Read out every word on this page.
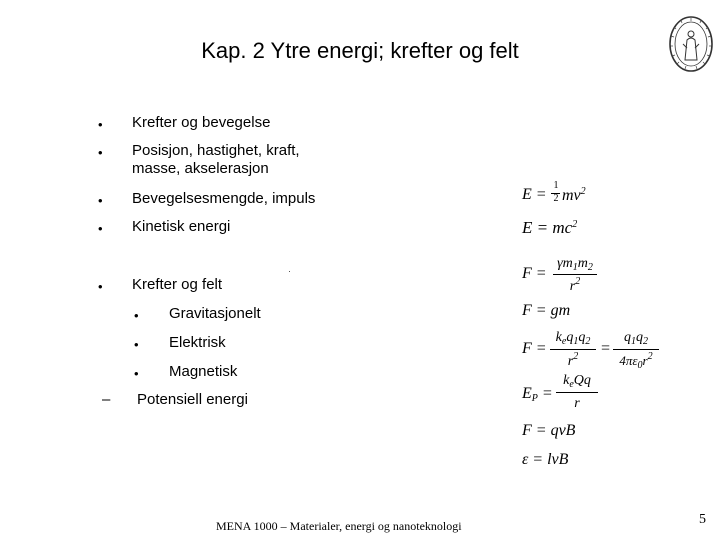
Kap. 2 Ytre energi; krefter og felt
• Krefter og bevegelse
• Posisjon, hastighet, kraft,
masse, akselerasjon
• Bevegelsesmengde, impuls
• Kinetisk energi
• Krefter og felt
• Gravitasjonelt
• Elektrisk
• Magnetisk
– Potensiell energi
E =
1
2 $mv^2$
$E = mc^2$
F =
$\gamma m_1m_2$
$r^2$
F = gm
F =
$k_eq_1q_2$
$r^2$	=
$q_1q_2$
$4\pi\varepsilon_0r^2$
$E_P$ =
$k_eQq$
r
F = qvB
ε = lvB
MENA 1000 – Materialer, energi og nanoteknologi	5
